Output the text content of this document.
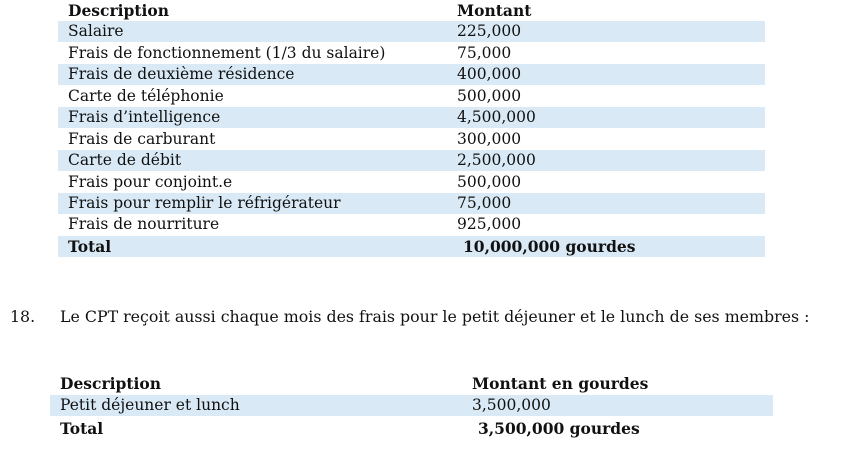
Description	Montant
Salaire	225,000
Frais de fonctionnement (1/3 du salaire)	75,000
Frais de deuxième résidence	400,000
Carte de téléphonie	500,000
Frais d’intelligence	4,500,000
Frais de carburant	300,000
Carte de débit	2,500,000
Frais pour conjoint.e	500,000
Frais pour remplir le réfrigérateur	75,000
Frais de nourriture	925,000
Total	10,000,000 gourdes

18. Le CPT reçoit aussi chaque mois des frais pour le petit déjeuner et le lunch de ses membres :

Description	Montant en gourdes
Petit déjeuner et lunch	3,500,000
Total	3,500,000 gourdes
